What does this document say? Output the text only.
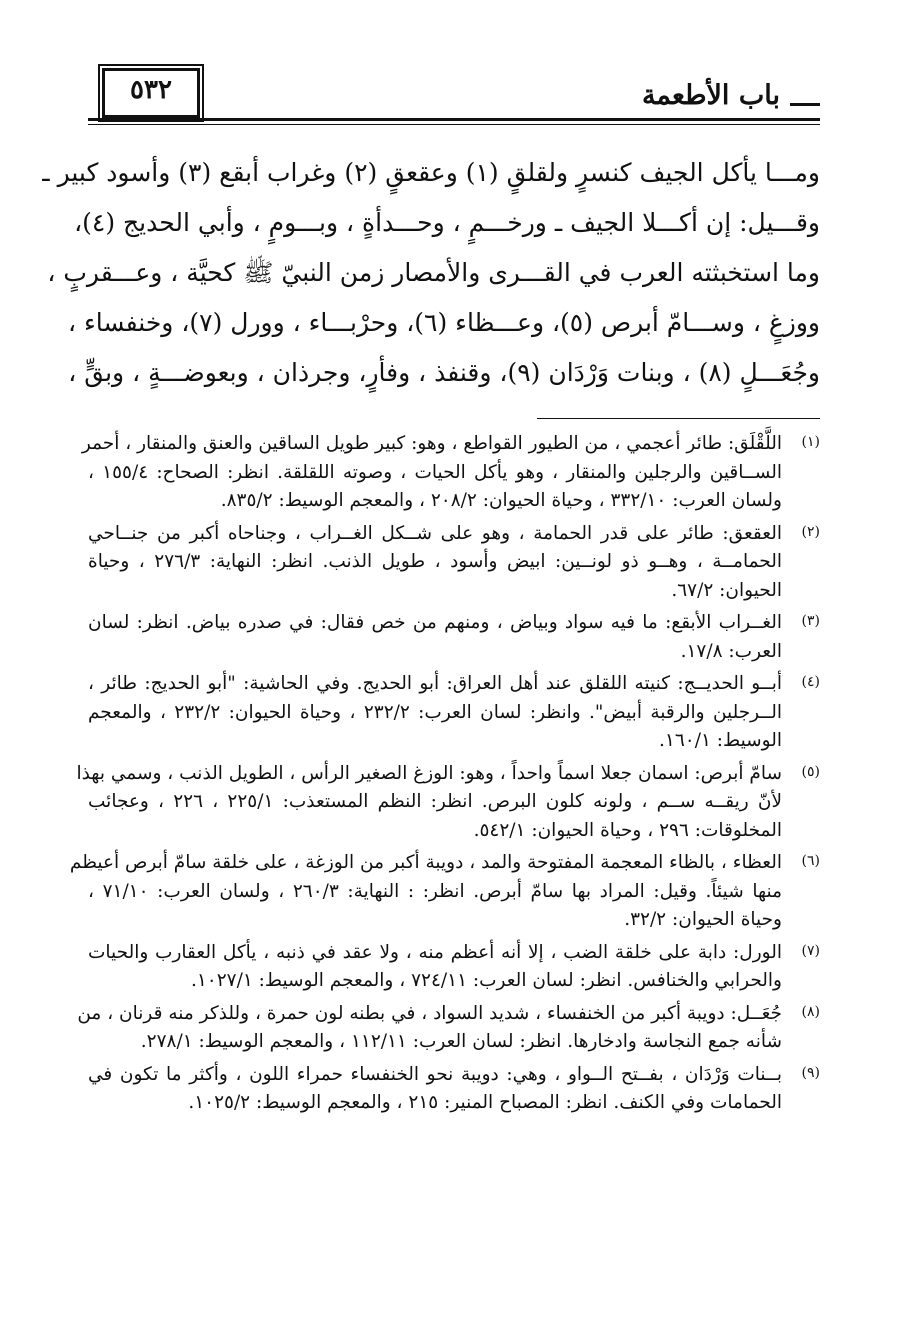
٥٣٢	باب الأطعمة
ومـــا يأكل الجيف كنسرٍ ولقلقٍ (١) وعقعقٍ (٢) وغراب أبقع (٣) وأسود كبير ـ
وقـــيل: إن أكـــلا الجيف ـ ورخـــمٍ ، وحـــدأةٍ ، وبـــومٍ ، وأبي الحديج (٤)،
وما استخبثته العرب في القـــرى والأمصار زمن النبيّ ﷺ كحيَّة ، وعـــقربٍ ،
ووزغٍ ، وســـامّ أبرص (٥)، وعـــظاء (٦)، وحرْبـــاء ، وورل (٧)، وخنفساء ،
وجُعَـــلٍ (٨) ، وبنات وَرْدَان (٩)، وقنفذ ، وفأرٍ، وجرذان ، وبعوضـــةٍ ، وبقٍّ ،
(١)
اللَّقْلَق: طائر أعجمي ، من الطيور القواطع ، وهو: كبير طويل الساقين والعنق والمنقار ، أحمر
الســاقين والرجلين والمنقار ، وهو يأكل الحيات ، وصوته اللقلقة. انظر: الصحاح: ١٥٥/٤ ،
ولسان العرب: ٣٣٢/١٠ ، وحياة الحيوان: ٢٠٨/٢ ، والمعجم الوسيط: ٨٣٥/٢.
(٢)
العقعق: طائر على قدر الحمامة ، وهو على شــكل الغــراب ، وجناحاه أكبر من جنــاحي
الحمامــة ، وهــو ذو لونــين: ابيض وأسود ، طويل الذنب. انظر: النهاية: ٢٧٦/٣ ، وحياة
الحيوان: ٦٧/٢.
(٣)
الغــراب الأبقع: ما فيه سواد وبياض ، ومنهم من خص فقال: في صدره بياض. انظر: لسان
العرب: ١٧/٨.
(٤)
أبــو الحديــج: كنيته اللقلق عند أهل العراق: أبو الحديج. وفي الحاشية: "أبو الحديج: طائر ،
الــرجلين والرقبة أبيض". وانظر: لسان العرب: ٢٣٢/٢ ، وحياة الحيوان: ٢٣٢/٢ ، والمعجم
الوسيط: ١٦٠/١.
(٥)
سامّ أبرص: اسمان جعلا اسماً واحداً ، وهو: الوزغ الصغير الرأس ، الطويل الذنب ، وسمي بهذا
لأنّ ريقــه ســم ، ولونه كلون البرص. انظر: النظم المستعذب: ٢٢٥/١ ، ٢٢٦ ، وعجائب
المخلوقات: ٢٩٦ ، وحياة الحيوان: ٥٤٢/١.
(٦)
العظاء ، بالظاء المعجمة المفتوحة والمد ، دويبة أكبر من الوزغة ، على خلقة سامّ أبرص أعيظم
منها شيئاً. وقيل: المراد بها سامّ أبرص. انظر: : النهاية: ٢٦٠/٣ ، ولسان العرب: ٧١/١٠ ،
وحياة الحيوان: ٣٢/٢.
(٧)
الورل: دابة على خلقة الضب ، إلا أنه أعظم منه ، ولا عقد في ذنبه ، يأكل العقارب والحيات
والحرابي والخنافس. انظر: لسان العرب: ٧٢٤/١١ ، والمعجم الوسيط: ١٠٢٧/١.
(٨)
جُعَــل: دويبة أكبر من الخنفساء ، شديد السواد ، في بطنه لون حمرة ، وللذكر منه قرنان ، من
شأنه جمع النجاسة وادخارها. انظر: لسان العرب: ١١٢/١١ ، والمعجم الوسيط: ٢٧٨/١.
(٩)
بــنات وَرْدَان ، بفــتح الــواو ، وهي: دويبة نحو الخنفساء حمراء اللون ، وأكثر ما تكون في
الحمامات وفي الكنف. انظر: المصباح المنير: ٢١٥ ، والمعجم الوسيط: ١٠٢٥/٢.
